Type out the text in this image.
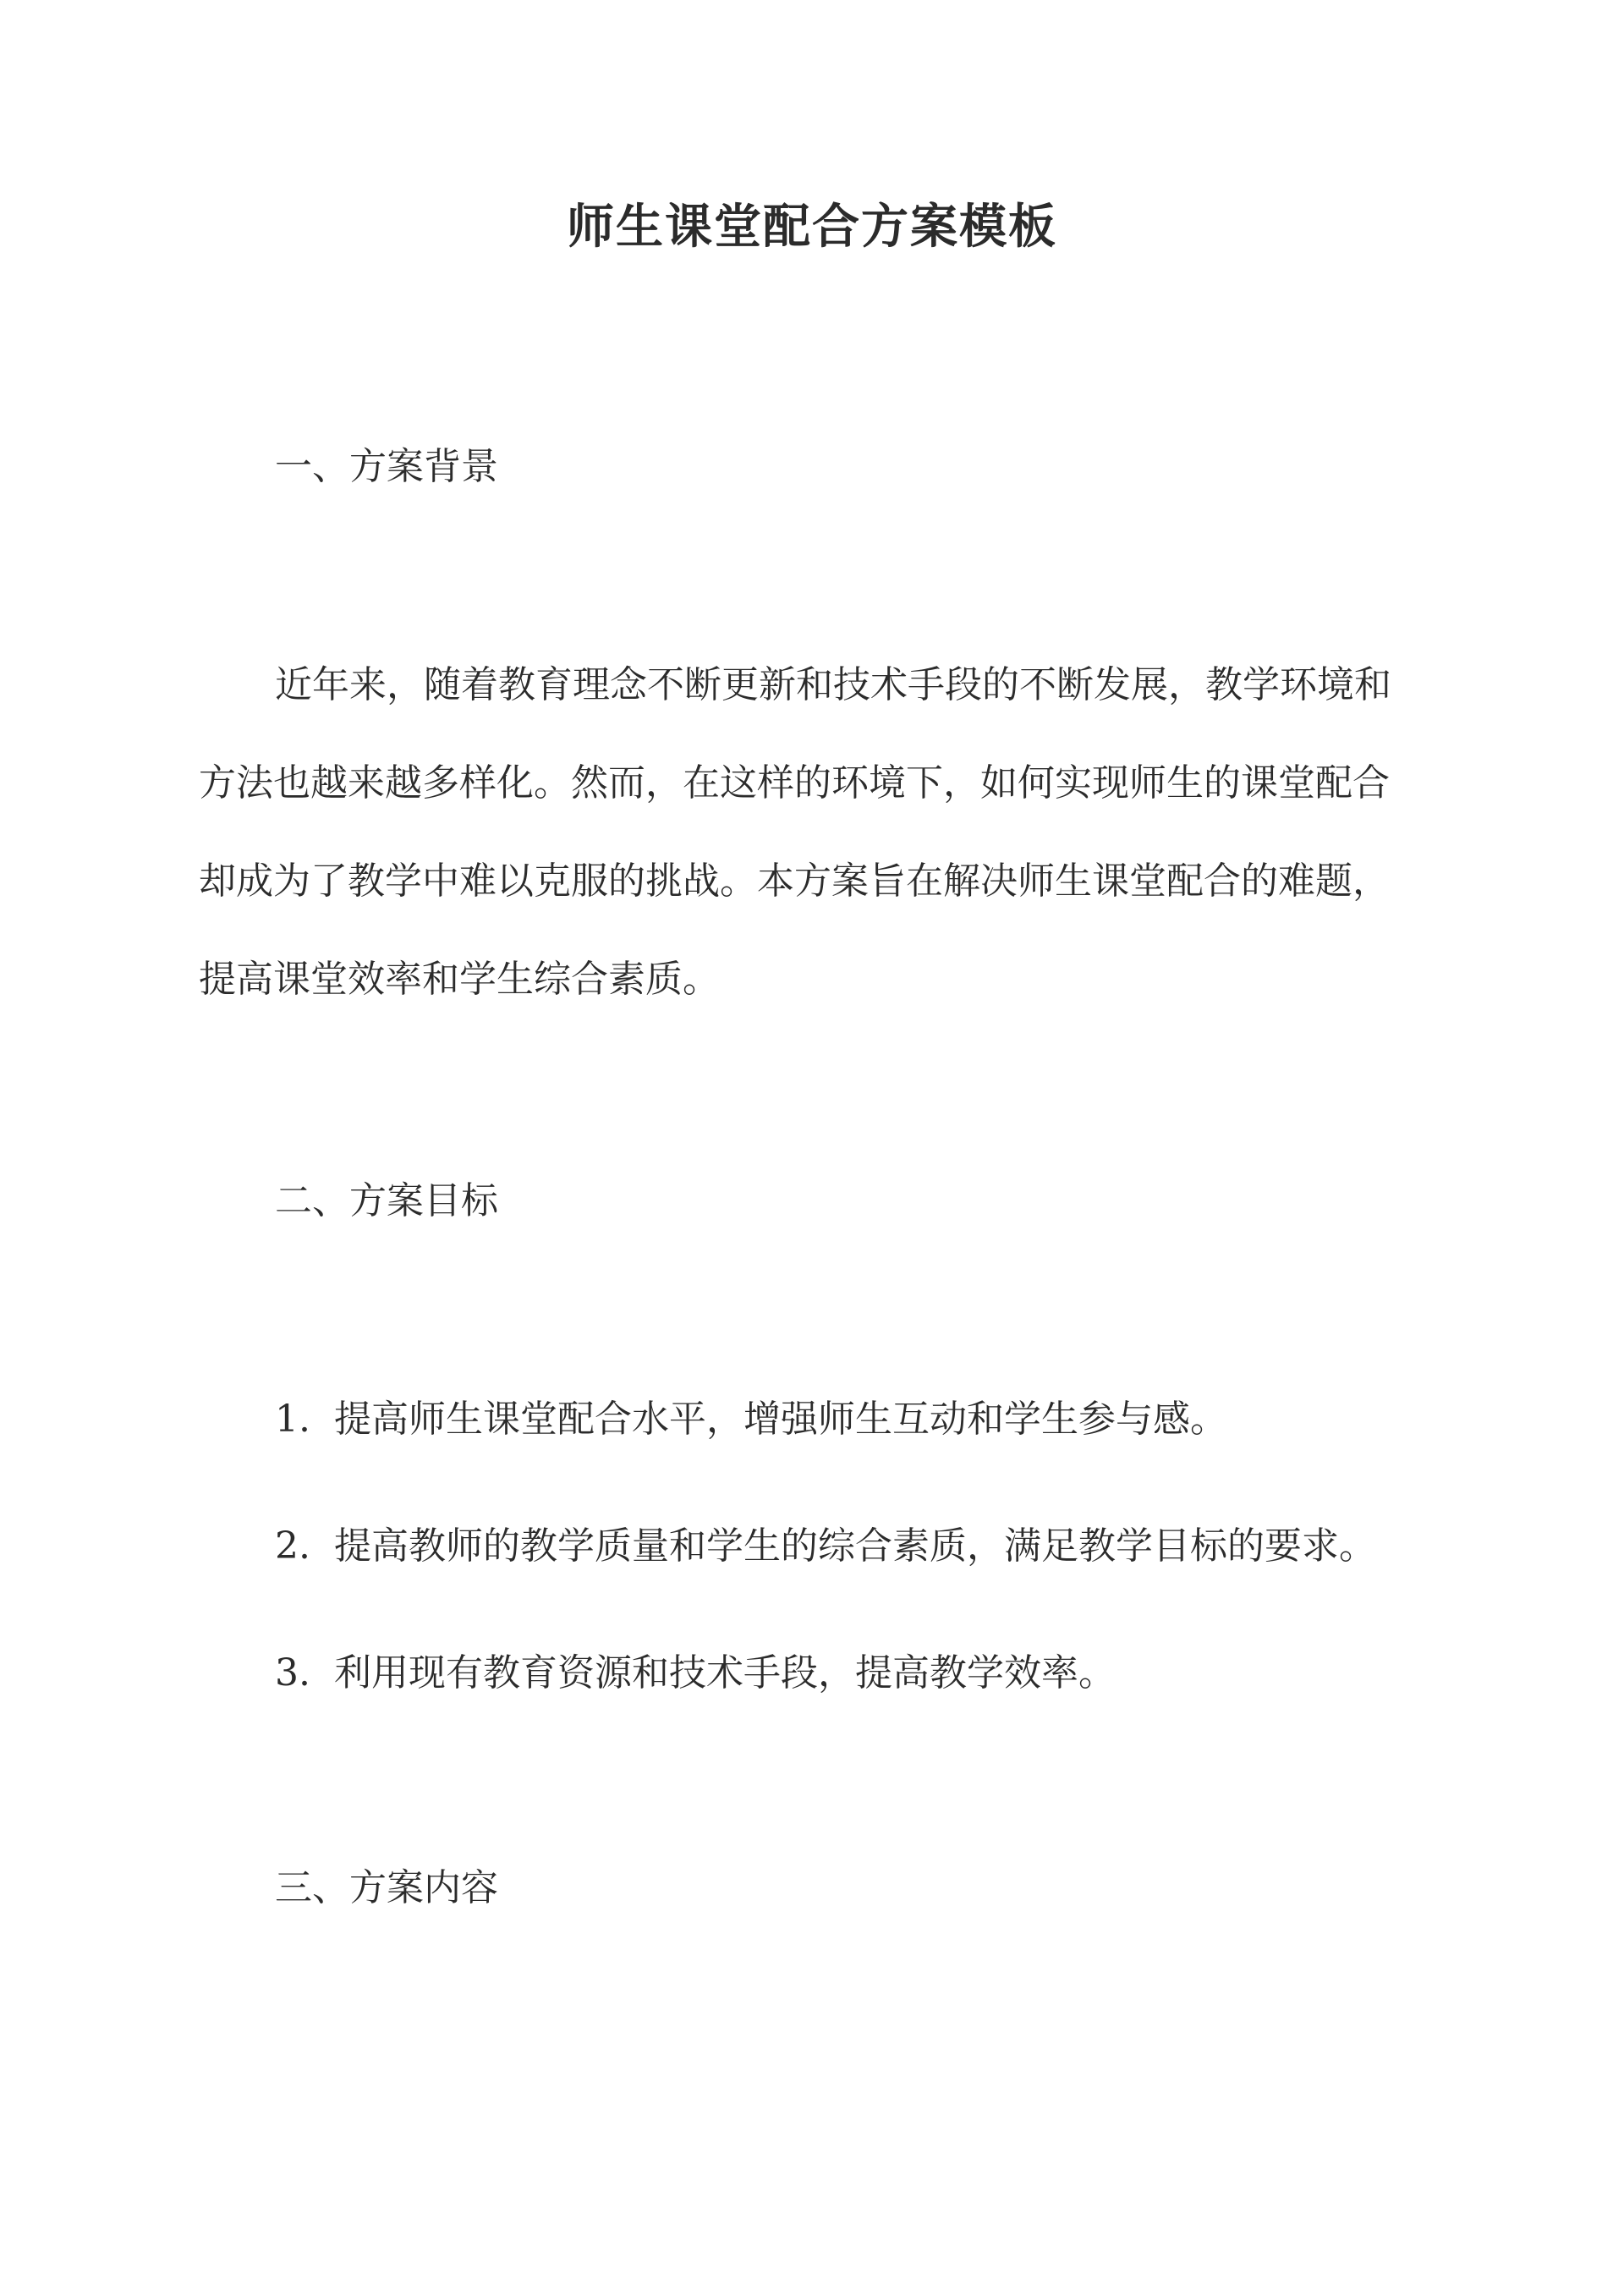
师生课堂配合方案模板
一、方案背景

近年来，随着教育理念不断更新和技术手段的不断发展，教学环境和
方法也越来越多样化。然而，在这样的环境下，如何实现师生的课堂配合
却成为了教学中难以克服的挑战。本方案旨在解决师生课堂配合的难题，
提高课堂效率和学生综合素质。

二、方案目标
1. 提高师生课堂配合水平，增强师生互动和学生参与感。
2. 提高教师的教学质量和学生的综合素质，满足教学目标的要求。
3. 利用现有教育资源和技术手段，提高教学效率。
三、方案内容
